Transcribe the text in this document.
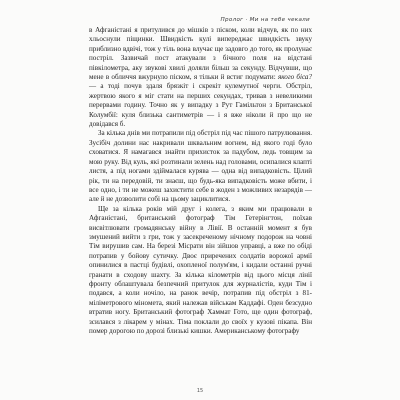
Пролог · Ми на тебе чекали

в Афганістані я притулився до мішків з піском, коли відчув, як по них хльоснули піщинки. Швидкість кулі випереджає швидкість звуку приблизно вдвічі, тож у тіль вона влучає ще задовго до того, як пролунає постріл. Зазвичай пост атакували з бічного поля на відстані півкілометра, аку звукові хвилі доляли більш за секунду. Відчувши, що мене в обличчя вжурнуло піском, я тільки й встиг подумати: якого біса? — а тоді почув здаля брязкіт і скрекіт кулемутної черги. Обстріл, жертвою якого я міг стати на перших секундах, тривав з невеликими перервами годину. Точно як у випадку з Рут Гамільтон з Британської Колумбії: куля близька сантиметрів — і я вже ніколи й про що не довідався б.

За кілька днів ми потрапили під обстріл під час пішого патрулювання. Зусібіч долини нас накривали шквальним вогнем, від якого годі було сховатися. Я намагався знайти прихисток за падубом, ледь товщим за мою руку. Від куль, які розтинали зелень над головами, осипалися клапті листя, а під ногами здіймалася курява — одна від випадковість. Цілий рік, ти на передовій, ти знаєш, що будь-яка випадковість може вбити, і все одно, і ти не можеш захистити себе в жоден з можливих незарядів — але й не дозволити собі на цьому зациклитися.

Ще за кілька років мій друг і колега, з яким ми працювали в Афганістані, британський фотограф Тім Гетерінгтон, поїхав висвітлювати громадянську війну в Лівії. В останній момент я був змушений вийти з гри, тож у засекреченому нічному подорож на човні Тім вирушив сам. На березі Місрати він зійшов управці, а вже по обіді потрапив у бойову сутичку. Двоє приречених солдатів ворожої армії опинилися в пастці будівлі, охопленої полум'ям, і кидали останні ручні гранати в сходову шахту. За кілька кілометрів від цього місця лінії фронту облаштувала безпечний притулок для журналістів, куди Тім і подався, а коли ночіло, на ранок вечір, потрапив під обстріл з 81-міліметрового міномета, який належав військам Каддафі. Оден безсудно втратив ногу. Британський фотограф Хаммат Гото, ще один фотограф, зсилався з лікарем у мінах. Тіма поклали до своїх у кузові пікапа. Він помер дорогою по дорозі близькі кишки. Американському фотографу

15
